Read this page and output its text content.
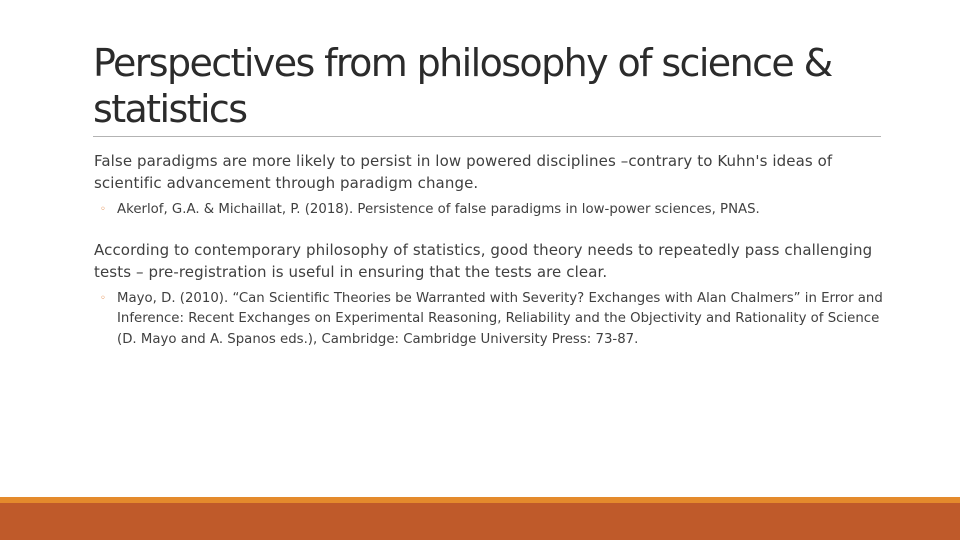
Perspectives from philosophy of science & statistics

False paradigms are more likely to persist in low powered disciplines –contrary to Kuhn's ideas of scientific advancement through paradigm change.

◦ Akerlof, G.A. & Michaillat, P. (2018). Persistence of false paradigms in low-power sciences, PNAS.

According to contemporary philosophy of statistics, good theory needs to repeatedly pass challenging tests – pre-registration is useful in ensuring that the tests are clear.

◦ Mayo, D. (2010). “Can Scientific Theories be Warranted with Severity? Exchanges with Alan Chalmers” in Error and Inference: Recent Exchanges on Experimental Reasoning, Reliability and the Objectivity and Rationality of Science (D. Mayo and A. Spanos eds.), Cambridge: Cambridge University Press: 73-87.
